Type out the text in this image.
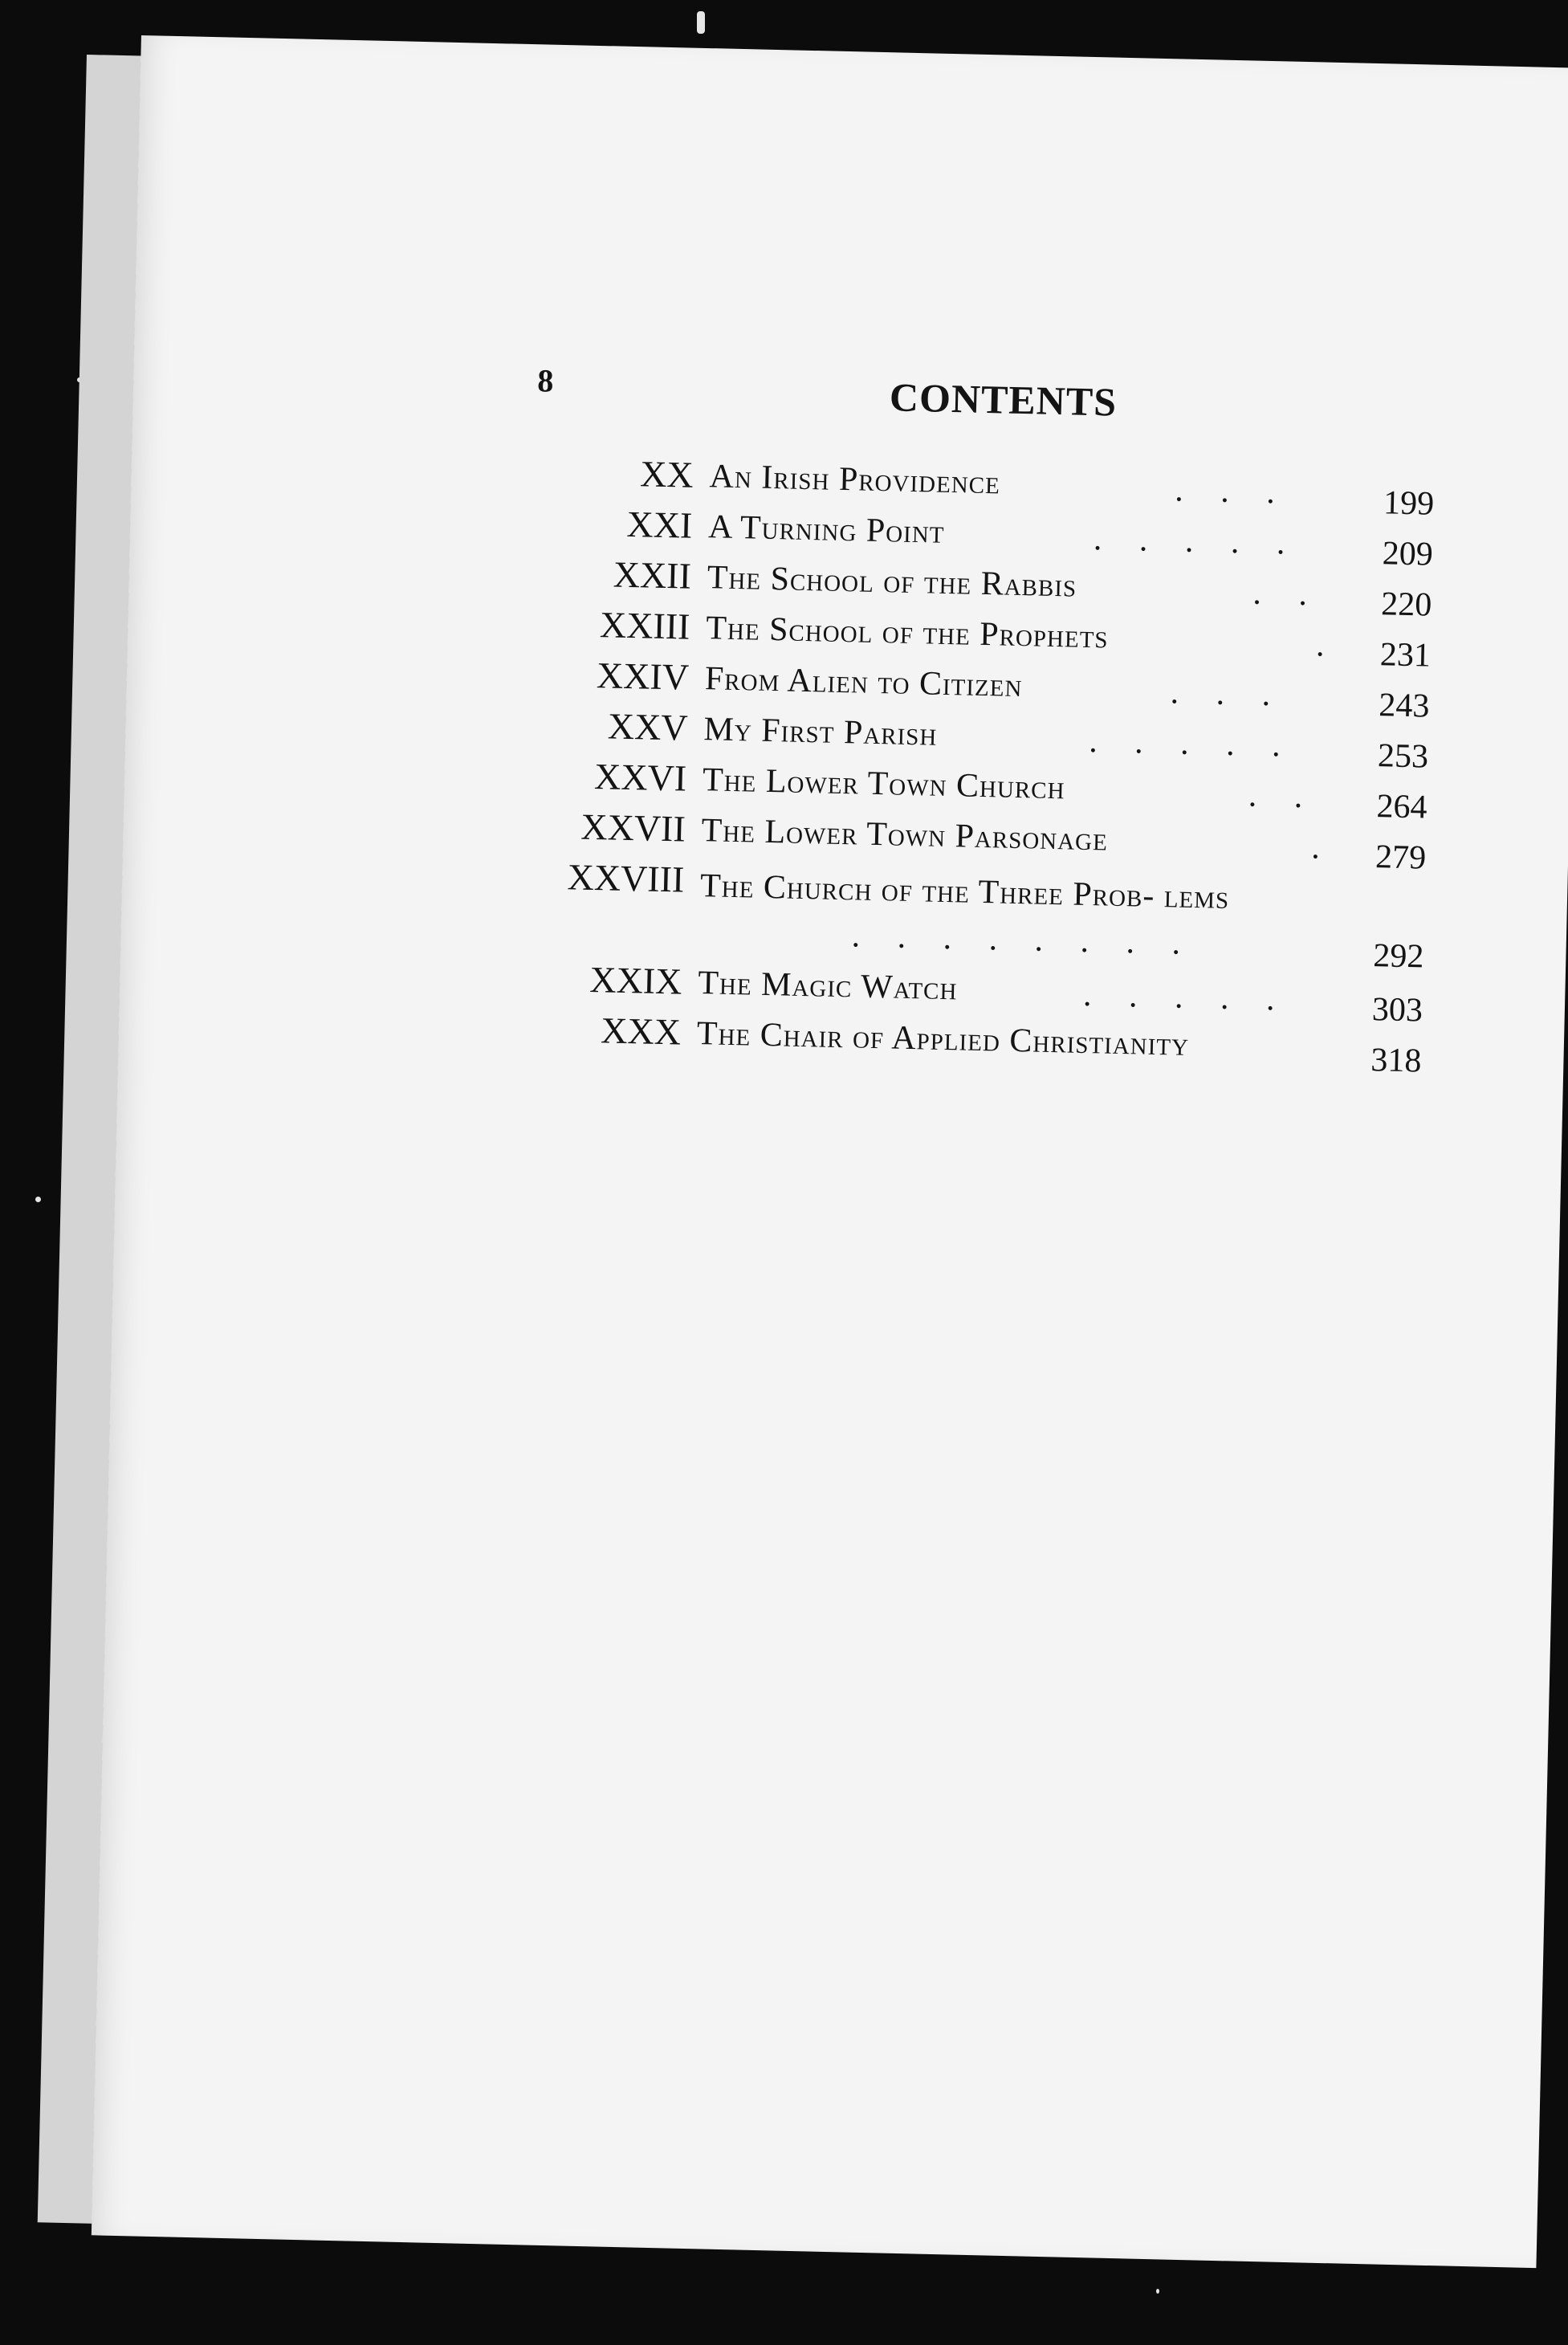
8	CONTENTS
XX An Irish Providence	. . .	199
XXI A Turning Point	. . . . . 209
XXII The School of the Rabbis	. . 220
XXIII The School of the Prophets	. 231
XXIV From Alien to Citizen	. . .	243
XXV My First Parish	. . . . . 253
XXVI The Lower Town Church	. . 264
XXVII The Lower Town Parsonage	. 279
XXVIII The Church of the Three Prob- lems
. . . . . . . .	292
XXIX The Magic Watch	. . . . . 303
XXX The Chair of Applied Christianity	318
